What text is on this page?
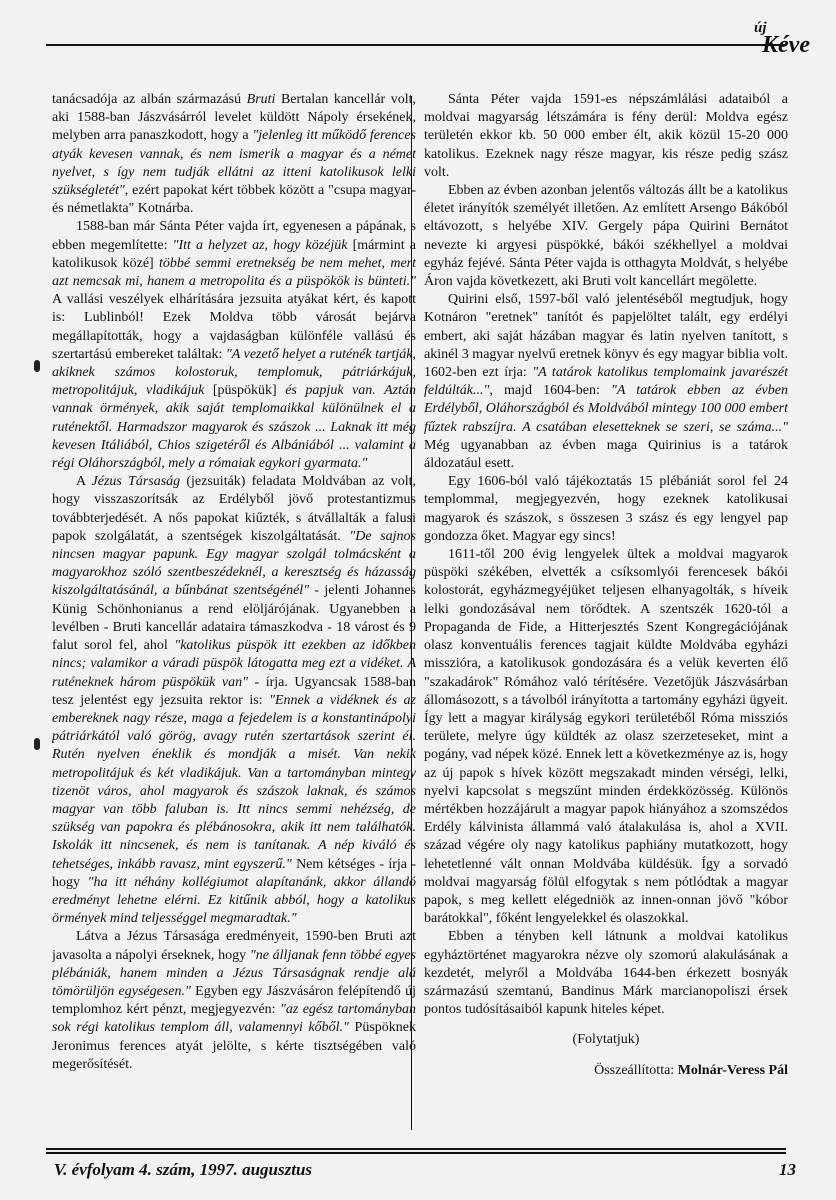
új
Kéve

tanácsadója az albán származású Bruti Bertalan kancellár volt, aki 1588-ban Jászvásárról levelet küldött Nápoly érsekének, melyben arra panaszkodott, hogy a "jelenleg itt működő ferences atyák kevesen vannak, és nem ismerik a magyar és a német nyelvet, s így nem tudják ellátni az itteni katolikusok lelki szükségletét", ezért papokat kért többek között a "csupa magyar- és németlakta" Kotnárba.

1588-ban már Sánta Péter vajda írt, egyenesen a pápának, s ebben megemlítette: "Itt a helyzet az, hogy közéjük [mármint a katolikusok közé] többé semmi eretnekség be nem mehet, mert azt nemcsak mi, hanem a metropolita és a püspökök is bünteti." A vallási veszélyek elhárítására jezsuita atyákat kért, és kapott is: Lublinból! Ezek Moldva több városát bejárva megállapították, hogy a vajdaságban különféle vallású és szertartású embereket találtak: "A vezető helyet a ruténék tartják, akiknek számos kolostoruk, templomuk, pátriárkájuk, metropolitájuk, vladikájuk [püspökük] és papjuk van. Aztán vannak örmények, akik saját templomaikkal különülnek el a ruténektől. Harmadszor magyarok és szászok ... Laknak itt még kevesen Itáliából, Chios szigetéről és Albániából ... valamint a régi Oláhországból, mely a rómaiak egykori gyarmata."

A Jézus Társaság (jezsuiták) feladata Moldvában az volt, hogy visszaszorítsák az Erdélyből jövő protestantizmus továbbterjedését. A nős papokat kiűzték, s átvállalták a falusi papok szolgálatát, a szentségek kiszolgáltatását. "De sajnos nincsen magyar papunk. Egy magyar szolgál tolmácsként a magyarokhoz szóló szentbeszédeknél, a keresztség és házasság kiszolgáltatásánál, a bűnbánat szentségénél" - jelenti Johannes Künig Schönhonianus a rend elöljárójának. Ugyanebben a levélben - Bruti kancellár adataira támaszkodva - 18 várost és 9 falut sorol fel, ahol "katolikus püspök itt ezekben az időkben nincs; valamikor a váradi püspök látogatta meg ezt a vidéket. A ruténeknek három püspökük van" - írja. Ugyancsak 1588-ban tesz jelentést egy jezsuita rektor is: "Ennek a vidéknek és az embereknek nagy része, maga a fejedelem is a konstantinápolyi pátriárkától való görög, avagy rutén szertartások szerint él. Rutén nyelven éneklik és mondják a misét. Van nekik metropolitájuk és két vladikájuk. Van a tartományban mintegy tizenöt város, ahol magyarok és szászok laknak, és számos magyar van több faluban is. Itt nincs semmi nehézség, de szükség van papokra és plébánosokra, akik itt nem találhatók. Iskolák itt nincsenek, és nem is tanítanak. A nép kiváló és tehetséges, inkább ravasz, mint egyszerű." Nem kétséges - írja - hogy "ha itt néhány kollégiumot alapítanánk, akkor állandó eredményt lehetne elérni. Ez kitűnik abból, hogy a katolikus örmények mind teljességgel megmaradtak."

Látva a Jézus Társasága eredményeit, 1590-ben Bruti azt javasolta a nápolyi érseknek, hogy "ne álljanak fenn többé egyes plébániák, hanem minden a Jézus Társaságnak rendje alá tömörüljön egységesen." Egyben egy Jászvásáron felépítendő új templomhoz kért pénzt, megjegyezvén: "az egész tartományban sok régi katolikus templom áll, valamennyi kőből." Püspöknek Jeronimus ferences atyát jelölte, s kérte tisztségében való megerősítését.

Sánta Péter vajda 1591-es népszámlálási adataiból a moldvai magyarság létszámára is fény derül: Moldva egész területén ekkor kb. 50 000 ember élt, akik közül 15-20 000 katolikus. Ezeknek nagy része magyar, kis része pedig szász volt.

Ebben az évben azonban jelentős változás állt be a katolikus életet irányítók személyét illetően. Az említett Arsengo Bákóból eltávozott, s helyébe XIV. Gergely pápa Quirini Bernátot nevezte ki argyesi püspökké, bákói székhellyel a moldvai egyház fejévé. Sánta Péter vajda is otthagyta Moldvát, s helyébe Áron vajda következett, aki Bruti volt kancellárt megölette.

Quirini első, 1597-ből való jelentéséből megtudjuk, hogy Kotnáron "eretnek" tanítót és papjelöltet talált, egy erdélyi embert, aki saját házában magyar és latin nyelven tanított, s akinél 3 magyar nyelvű eretnek könyv és egy magyar biblia volt. 1602-ben ezt írja: "A tatárok katolikus templomaink javarészét feldúlták...", majd 1604-ben: "A tatárok ebben az évben Erdélyből, Oláhországból és Moldvából mintegy 100 000 embert fűztek rabszíjra. A csatában elesetteknek se szeri, se száma..." Még ugyanabban az évben maga Quirinius is a tatárok áldozatául esett.

Egy 1606-ból való tájékoztatás 15 plébániát sorol fel 24 templommal, megjegyezvén, hogy ezeknek katolikusai magyarok és szászok, s összesen 3 szász és egy lengyel pap gondozza őket. Magyar egy sincs!

1611-től 200 évig lengyelek ültek a moldvai magyarok püspöki székében, elvették a csíksomlyói ferencesek bákói kolostorát, egyházmegyéjüket teljesen elhanyagolták, s híveik lelki gondozásával nem törődtek. A szentszék 1620-tól a Propaganda de Fide, a Hitterjesztés Szent Kongregációjának olasz konventuális ferences tagjait küldte Moldvába egyházi misszióra, a katolikusok gondozására és a velük keverten élő "szakadárok" Rómához való térítésére. Vezetőjük Jászvásárban állomásozott, s a távolból irányította a tartomány egyházi ügyeit. Így lett a magyar királyság egykori területéből Róma missziós területe, melyre úgy küldték az olasz szerzeteseket, mint a pogány, vad népek közé. Ennek lett a következménye az is, hogy az új papok s hívek között megszakadt minden vérségi, lelki, nyelvi kapcsolat s megszűnt minden érdekközösség. Különös mértékben hozzájárult a magyar papok hiányához a szomszédos Erdély kálvinista állammá való átalakulása is, ahol a XVII. század végére oly nagy katolikus paphiány mutatkozott, hogy lehetetlenné vált onnan Moldvába küldésük. Így a sorvadó moldvai magyarság fölül elfogytak s nem pótlódtak a magyar papok, s meg kellett elégedniök az innen-onnan jövő "kóbor barátokkal", főként lengyelekkel és olaszokkal.

Ebben a tényben kell látnunk a moldvai katolikus egyháztörténet magyarokra nézve oly szomorú alakulásának a kezdetét, melyről a Moldvába 1644-ben érkezett bosnyák származású szemtanú, Bandinus Márk marcianopoliszi érsek pontos tudósításaiból kapunk hiteles képet.

(Folytatjuk)

Összeállította: Molnár-Veress Pál

V. évfolyam 4. szám, 1997. augusztus	13
